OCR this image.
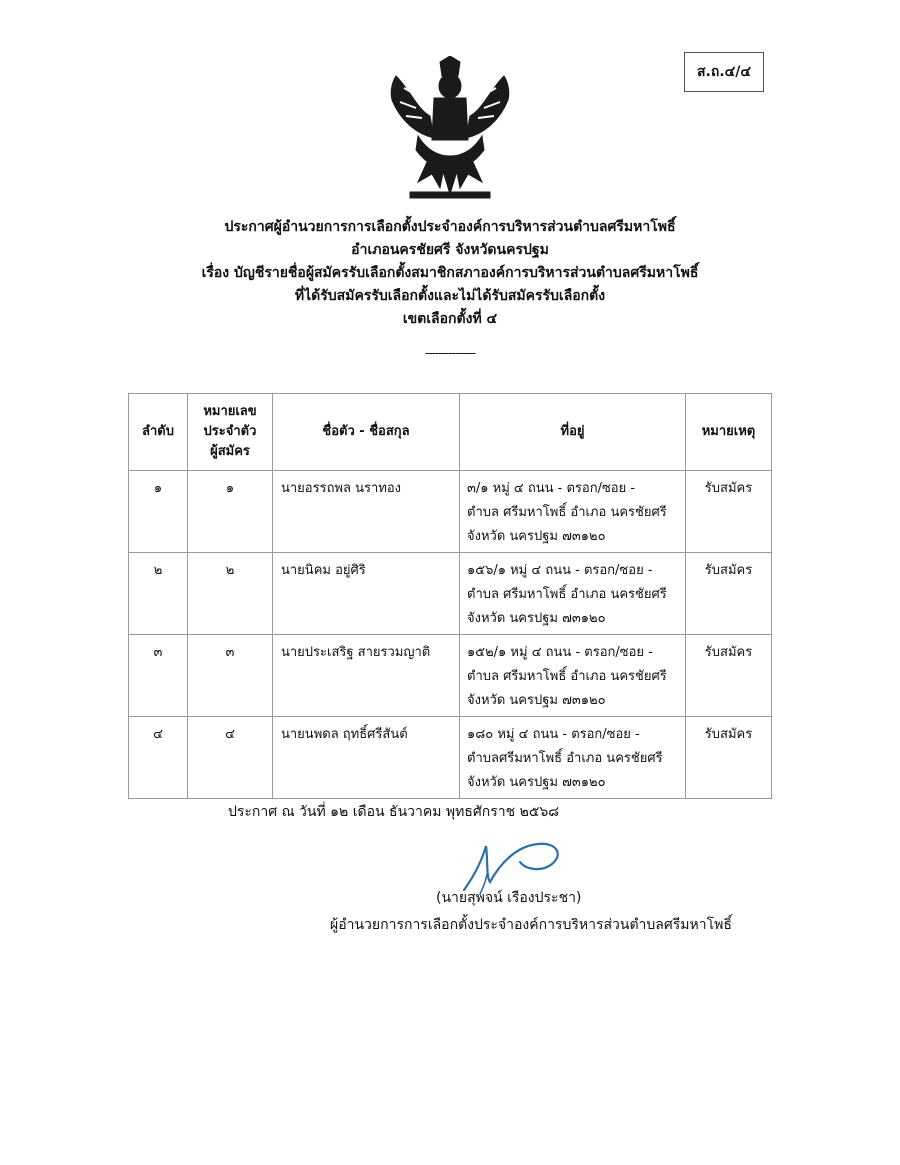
ส.ถ.๔/๔
ประกาศผู้อำนวยการการเลือกตั้งประจำองค์การบริหารส่วนตำบลศรีมหาโพธิ์
อำเภอนครชัยศรี จังหวัดนครปฐม
เรื่อง บัญชีรายชื่อผู้สมัครรับเลือกตั้งสมาชิกสภาองค์การบริหารส่วนตำบลศรีมหาโพธิ์
ที่ได้รับสมัครรับเลือกตั้งและไม่ได้รับสมัครรับเลือกตั้ง
เขตเลือกตั้งที่ ๔
---------------
ลำดับ	หมายเลข
ประจำตัว
ผู้สมัคร	ชื่อตัว - ชื่อสกุล	ที่อยู่	หมายเหตุ
๑	๑	นายอรรถพล นราทอง	๓/๑ หมู่ ๔ ถนน - ตรอก/ซอย -
ตำบล ศรีมหาโพธิ์ อำเภอ นครชัยศรี
จังหวัด นครปฐม ๗๓๑๒๐	รับสมัคร
๒	๒	นายนิคม อยู่ศิริ	๑๕๖/๑ หมู่ ๔ ถนน - ตรอก/ซอย -
ตำบล ศรีมหาโพธิ์ อำเภอ นครชัยศรี
จังหวัด นครปฐม ๗๓๑๒๐	รับสมัคร
๓	๓	นายประเสริฐ สายรวมญาติ	๑๕๒/๑ หมู่ ๔ ถนน - ตรอก/ซอย -
ตำบล ศรีมหาโพธิ์ อำเภอ นครชัยศรี
จังหวัด นครปฐม ๗๓๑๒๐	รับสมัคร
๔	๔	นายนพดล ฤทธิ์ศรีสันต์	๑๘๐ หมู่ ๔ ถนน - ตรอก/ซอย -
ตำบลศรีมหาโพธิ์ อำเภอ นครชัยศรี
จังหวัด นครปฐม ๗๓๑๒๐	รับสมัคร
ประกาศ ณ วันที่ ๑๒ เดือน ธันวาคม พุทธศักราช ๒๕๖๘
(นายสุพจน์ เรืองประชา)
ผู้อำนวยการการเลือกตั้งประจำองค์การบริหารส่วนตำบลศรีมหาโพธิ์
